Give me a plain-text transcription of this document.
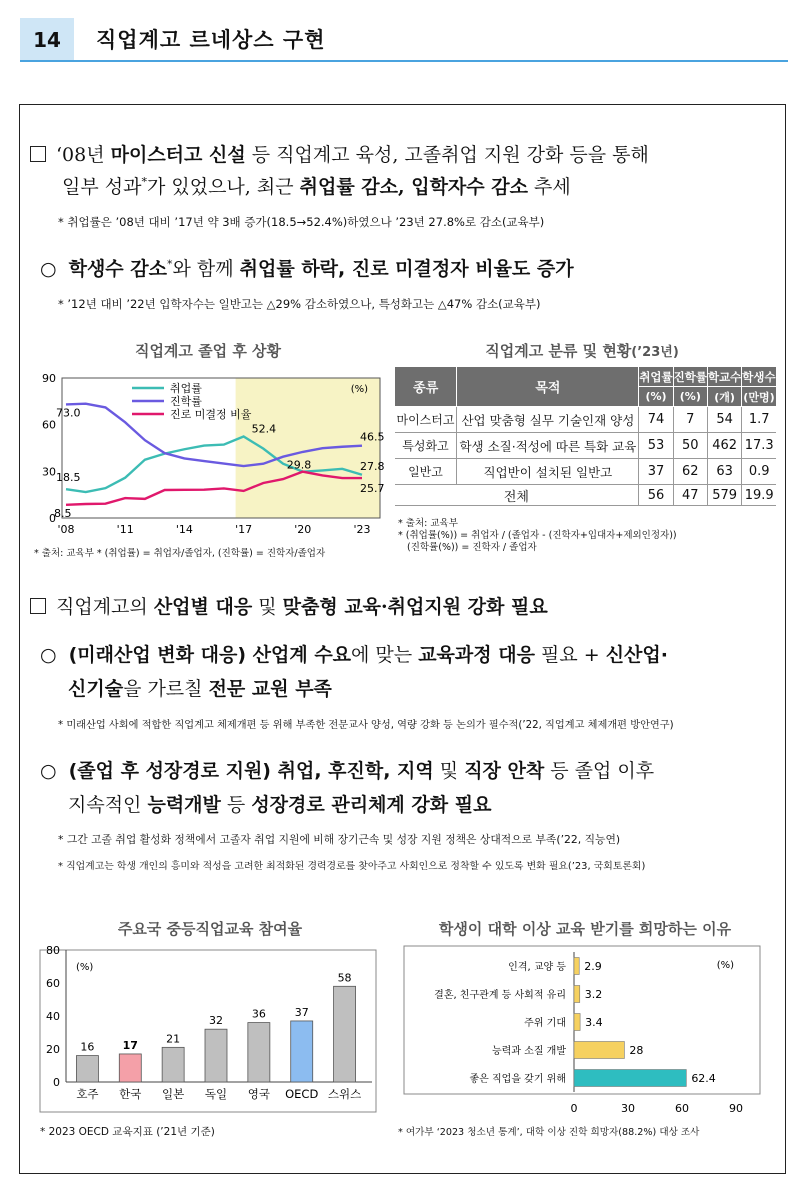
14	직업계고 르네상스 구현
‘08년 마이스터고 신설 등 직업계고 육성, 고졸취업 지원 강화 등을 통해
일부 성과*가 있었으나, 최근 취업률 감소, 입학자수 감소 추세
* 취업률은 ’08년 대비 ’17년 약 3배 증가(18.5→52.4%)하였으나 ’23년 27.8%로 감소(교육부)
○ 학생수 감소*와 함께 취업률 하락, 진로 미결정자 비율도 증가
* ’12년 대비 ’22년 입학자수는 일반고는 △29% 감소하였으나, 특성화고는 △47% 감소(교육부)
직업계고 졸업 후 상황
0
30
60
90
'08	'11	'14	'17	'20	'23
취업률
진학률
진로 미결정 비율
(%)
73.0
18.5
8.5
52.4
29.8
46.5
27.8
25.7
* 출처: 교육부 * (취업률) = 취업자/졸업자, (진학률) = 진학자/졸업자
직업계고 분류 및 현황(’23년)
종류	목적	취업률	진학률	학교수	학생수
		(%)	(%)	(개)	(만명)
마이스터고	산업 맞춤형 실무 기술인재 양성	74	7	54	1.7
특성화고	학생 소질·적성에 따른 특화 교육	53	50	462	17.3
일반고	직업반이 설치된 일반고	37	62	63	0.9
전체		56	47	579	19.9
* 출처: 교육부
* (취업률(%)) = 취업자 / (졸업자 - (진학자+입대자+제외인정자))
(진학률(%)) = 진학자 / 졸업자
직업계고의 산업별 대응 및 맞춤형 교육·취업지원 강화 필요
○ (미래산업 변화 대응) 산업계 수요에 맞는 교육과정 대응 필요 + 신산업·
신기술을 가르칠 전문 교원 부족
* 미래산업 사회에 적합한 직업계고 체제개편 등 위해 부족한 전문교사 양성, 역량 강화 등 논의가 필수적(’22, 직업계고 체제개편 방안연구)
○ (졸업 후 성장경로 지원) 취업, 후진학, 지역 및 직장 안착 등 졸업 이후
지속적인 능력개발 등 성장경로 관리체계 강화 필요
* 그간 고졸 취업 활성화 정책에서 고졸자 취업 지원에 비해 장기근속 및 성장 지원 정책은 상대적으로 부족(’22, 직능연)
* 직업계고는 학생 개인의 흥미와 적성을 고려한 최적화된 경력경로를 찾아주고 사회인으로 정착할 수 있도록 변화 필요(’23, 국회토론회)
주요국 중등직업교육 참여율
0
20
40
60
80
(%)
16
호주
17
한국
21
일본
32
독일
36
영국
37
OECD
58
스위스
* 2023 OECD 교육지표 (’21년 기준)
학생이 대학 이상 교육 받기를 희망하는 이유
(%)
2.9
인격, 교양 등
3.2
결혼, 친구관계 등 사회적 유리
3.4
주위 기대
28
능력과 소질 개발
62.4
좋은 직업을 갖기 위해
0	30	60	90
* 여가부 ‘2023 청소년 통계’, 대학 이상 진학 희망자(88.2%) 대상 조사
